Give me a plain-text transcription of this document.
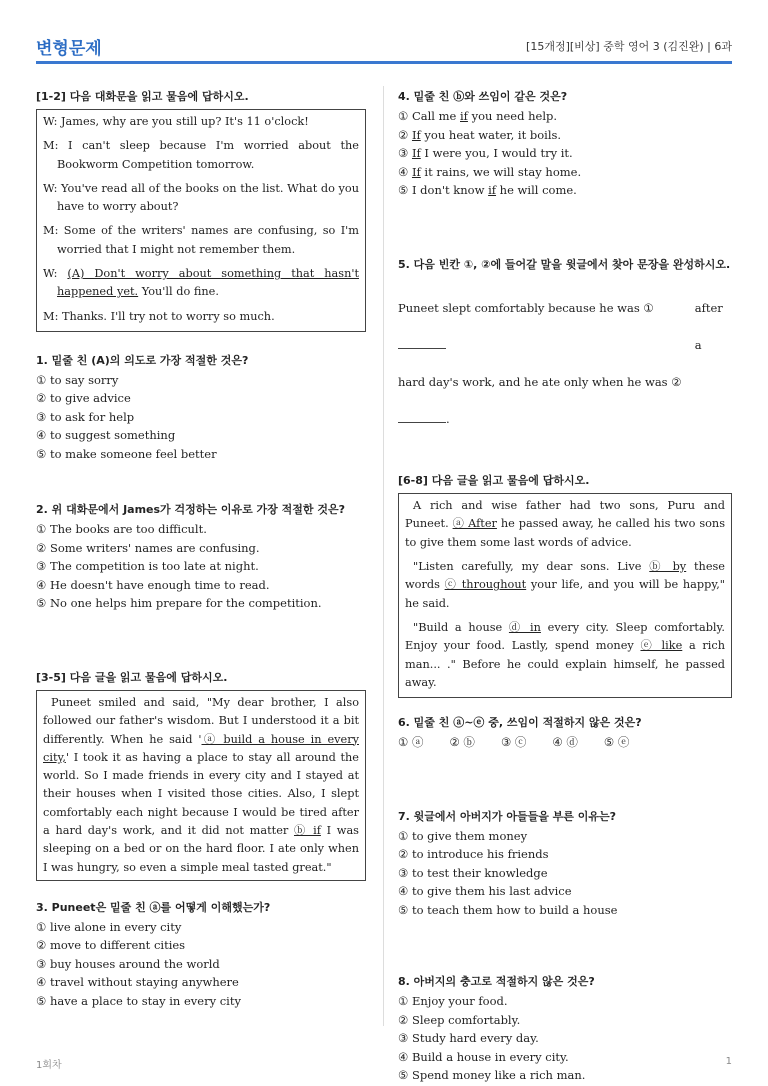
변형문제	[15개정][비상] 중학 영어 3 (김진완) | 6과
[1-2] 다음 대화문을 읽고 물음에 답하시오.

W: James, why are you still up? It's 11 o'clock!

M: I can't sleep because I'm worried about the Bookworm Competition tomorrow.

W: You've read all of the books on the list. What do you have to worry about?

M: Some of the writers' names are confusing, so I'm worried that I might not remember them.

W: (A) Don't worry about something that hasn't happened yet. You'll do fine.

M: Thanks. I'll try not to worry so much.

1. 밑줄 친 (A)의 의도로 가장 적절한 것은?
① to say sorry
② to give advice
③ to ask for help
④ to suggest something
⑤ to make someone feel better
2. 위 대화문에서 James가 걱정하는 이유로 가장 적절한 것은?
① The books are too difficult.
② Some writers' names are confusing.
③ The competition is too late at night.
④ He doesn't have enough time to read.
⑤ No one helps him prepare for the competition.
[3-5] 다음 글을 읽고 물음에 답하시오.

Puneet smiled and said, "My dear brother, I also followed our father's wisdom. But I understood it a bit differently. When he said 'ⓐ build a house in every city,' I took it as having a place to stay all around the world. So I made friends in every city and I stayed at their houses when I visited those cities. Also, I slept comfortably each night because I would be tired after a hard day's work, and it did not matter ⓑ if I was sleeping on a bed or on the hard floor. I ate only when I was hungry, so even a simple meal tasted great."

3. Puneet은 밑줄 친 ⓐ를 어떻게 이해했는가?
① live alone in every city
② move to different cities
③ buy houses around the world
④ travel without staying anywhere
⑤ have a place to stay in every city
4. 밑줄 친 ⓑ와 쓰임이 같은 것은?
① Call me if you need help.
② If you heat water, it boils.
③ If I were you, I would try it.
④ If it rains, we will stay home.
⑤ I don't know if he will come.
5. 다음 빈칸 ①, ②에 들어갈 말을 윗글에서 찾아 문장을 완성하시오.
Puneet slept comfortably because he was ①	after a
hard day's work, and he ate only when he was ② .
[6-8] 다음 글을 읽고 물음에 답하시오.

A rich and wise father had two sons, Puru and Puneet. ⓐ After he passed away, he called his two sons to give them some last words of advice.

"Listen carefully, my dear sons. Live ⓑ by these words ⓒ throughout your life, and you will be happy," he said.

"Build a house ⓓ in every city. Sleep comfortably. Enjoy your food. Lastly, spend money ⓔ like a rich man... ." Before he could explain himself, he passed away.

6. 밑줄 친 ⓐ~ⓔ 중, 쓰임이 적절하지 않은 것은?
① ⓐ ② ⓑ ③ ⓒ ④ ⓓ ⑤ ⓔ
7. 윗글에서 아버지가 아들들을 부른 이유는?
① to give them money
② to introduce his friends
③ to test their knowledge
④ to give them his last advice
⑤ to teach them how to build a house
8. 아버지의 충고로 적절하지 않은 것은?
① Enjoy your food.
② Sleep comfortably.
③ Study hard every day.
④ Build a house in every city.
⑤ Spend money like a rich man.
1회차	1
